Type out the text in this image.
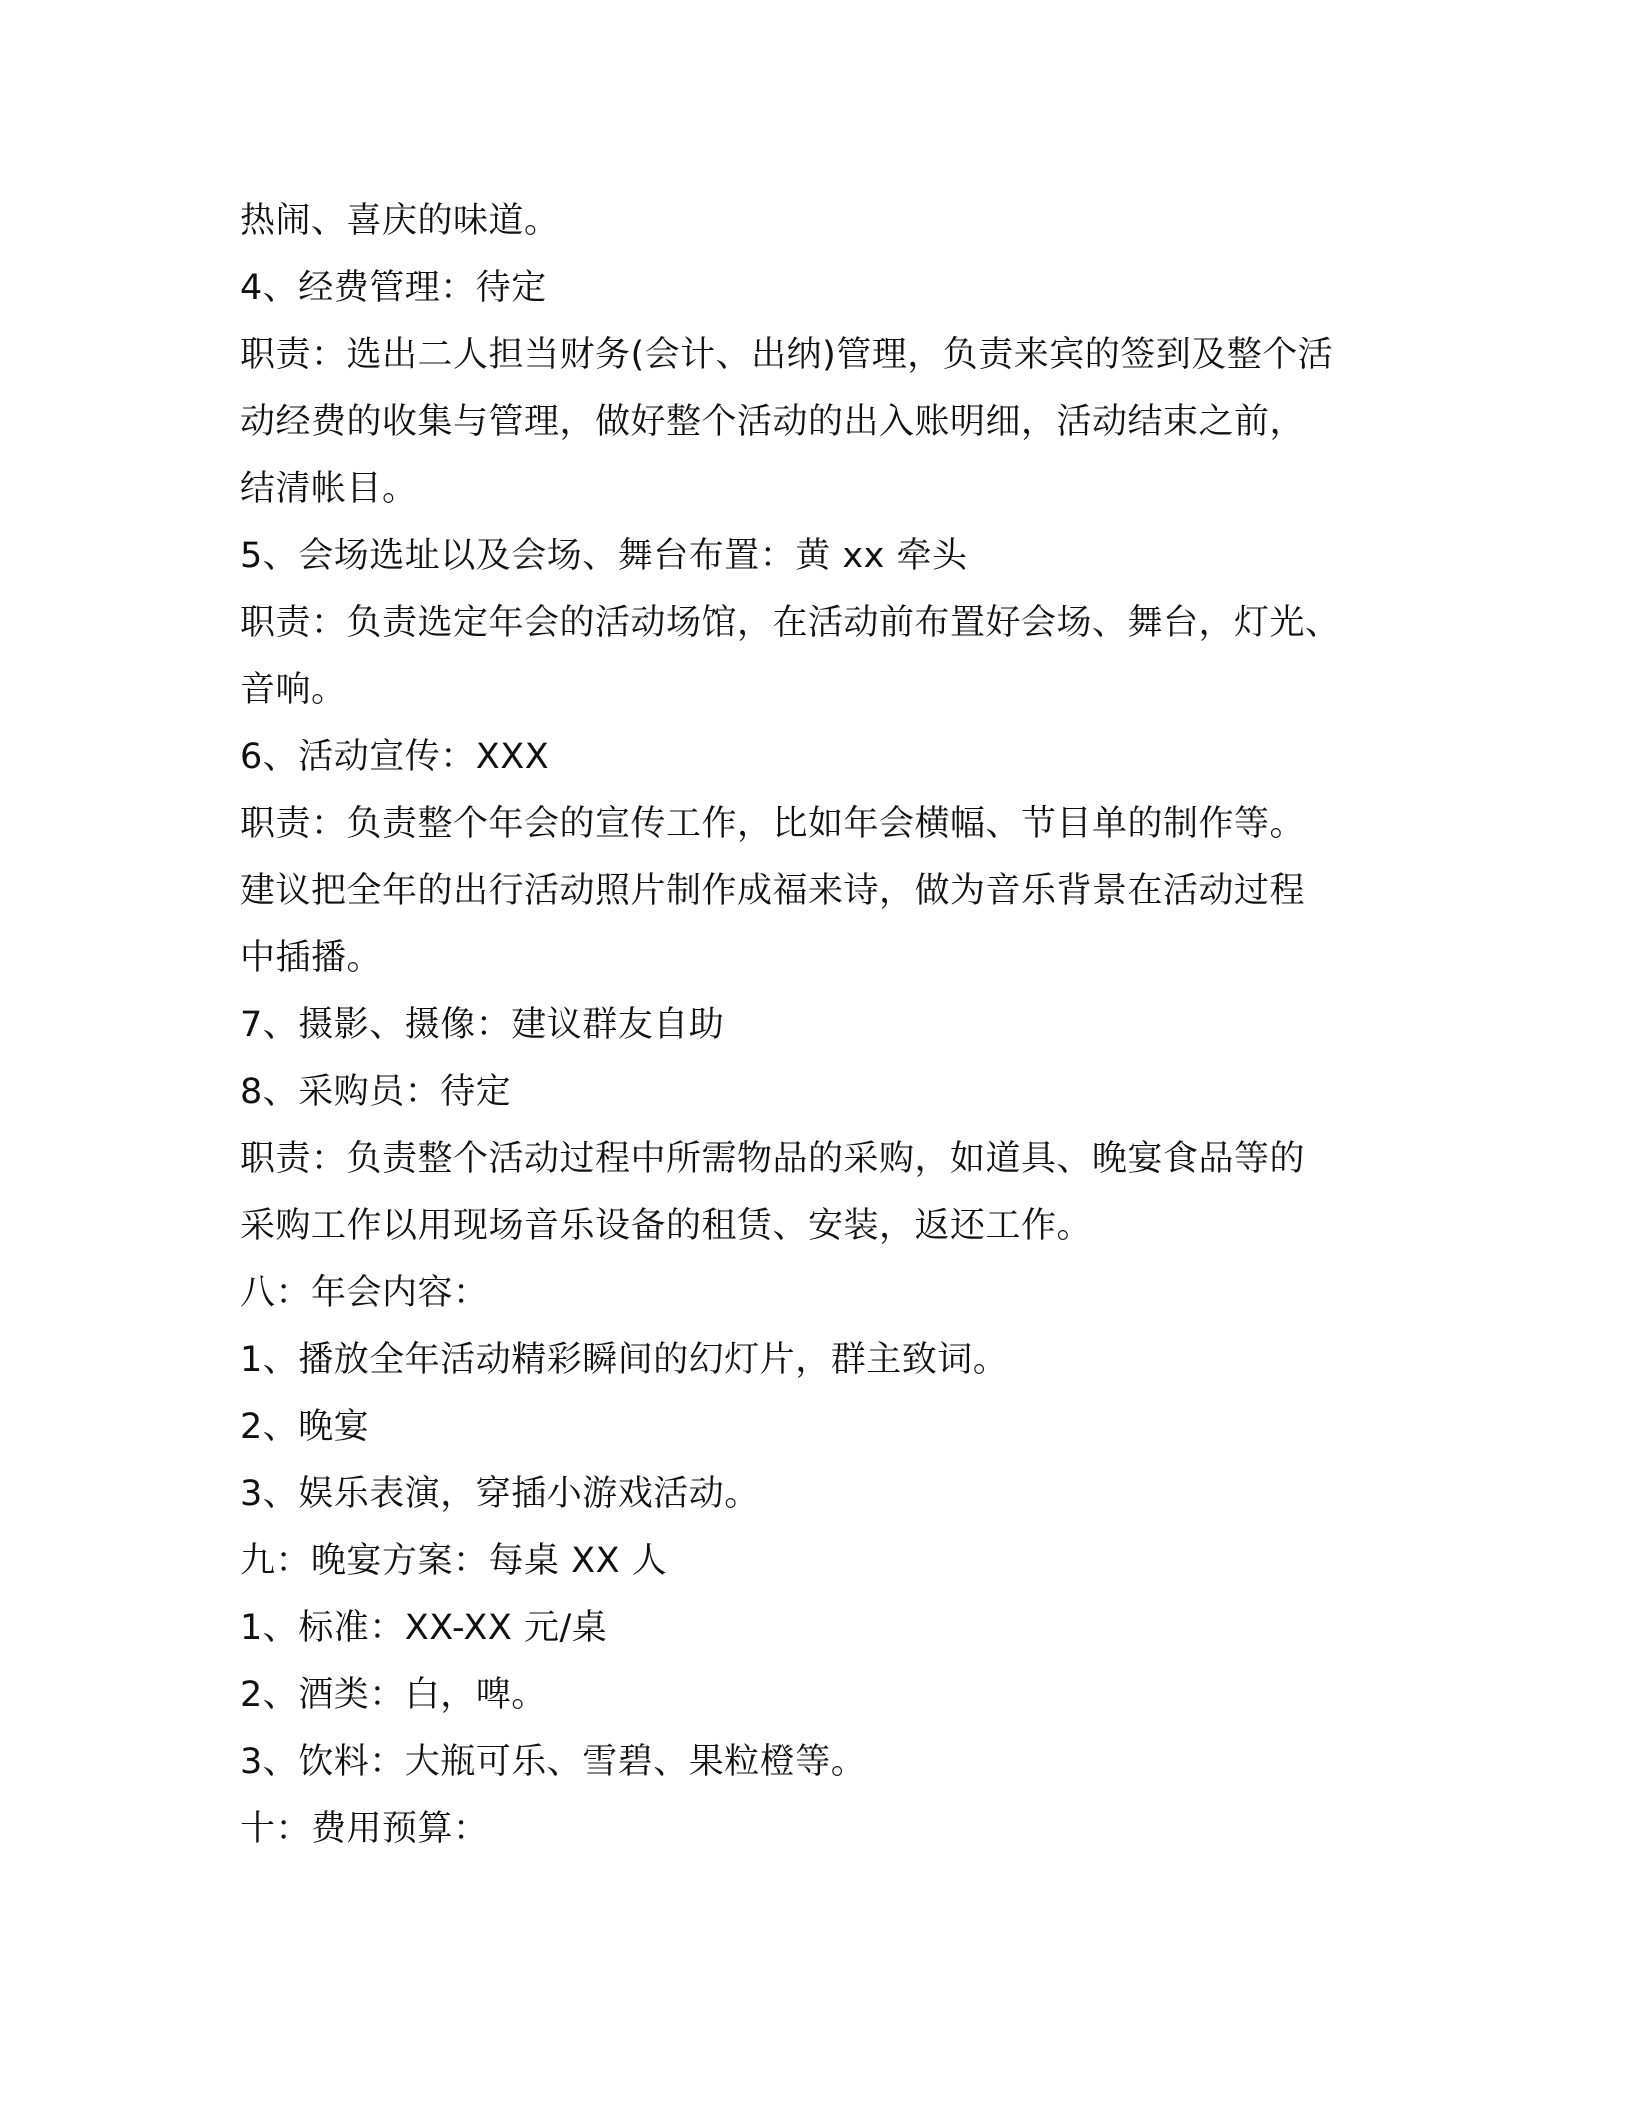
热闹、喜庆的味道。
4、经费管理：待定
职责：选出二人担当财务(会计、出纳)管理，负责来宾的签到及整个活
动经费的收集与管理，做好整个活动的出入账明细，活动结束之前，
结清帐目。
5、会场选址以及会场、舞台布置：黄 xx 牵头
职责：负责选定年会的活动场馆，在活动前布置好会场、舞台，灯光、
音响。
6、活动宣传：XXX
职责：负责整个年会的宣传工作，比如年会横幅、节目单的制作等。
建议把全年的出行活动照片制作成福来诗，做为音乐背景在活动过程
中插播。
7、摄影、摄像：建议群友自助
8、采购员：待定
职责：负责整个活动过程中所需物品的采购，如道具、晚宴食品等的
采购工作以用现场音乐设备的租赁、安装，返还工作。
八：年会内容：
1、播放全年活动精彩瞬间的幻灯片，群主致词。
2、晚宴
3、娱乐表演，穿插小游戏活动。
九：晚宴方案：每桌 XX 人
1、标准：XX-XX 元/桌
2、酒类：白，啤。
3、饮料：大瓶可乐、雪碧、果粒橙等。
十：费用预算：
